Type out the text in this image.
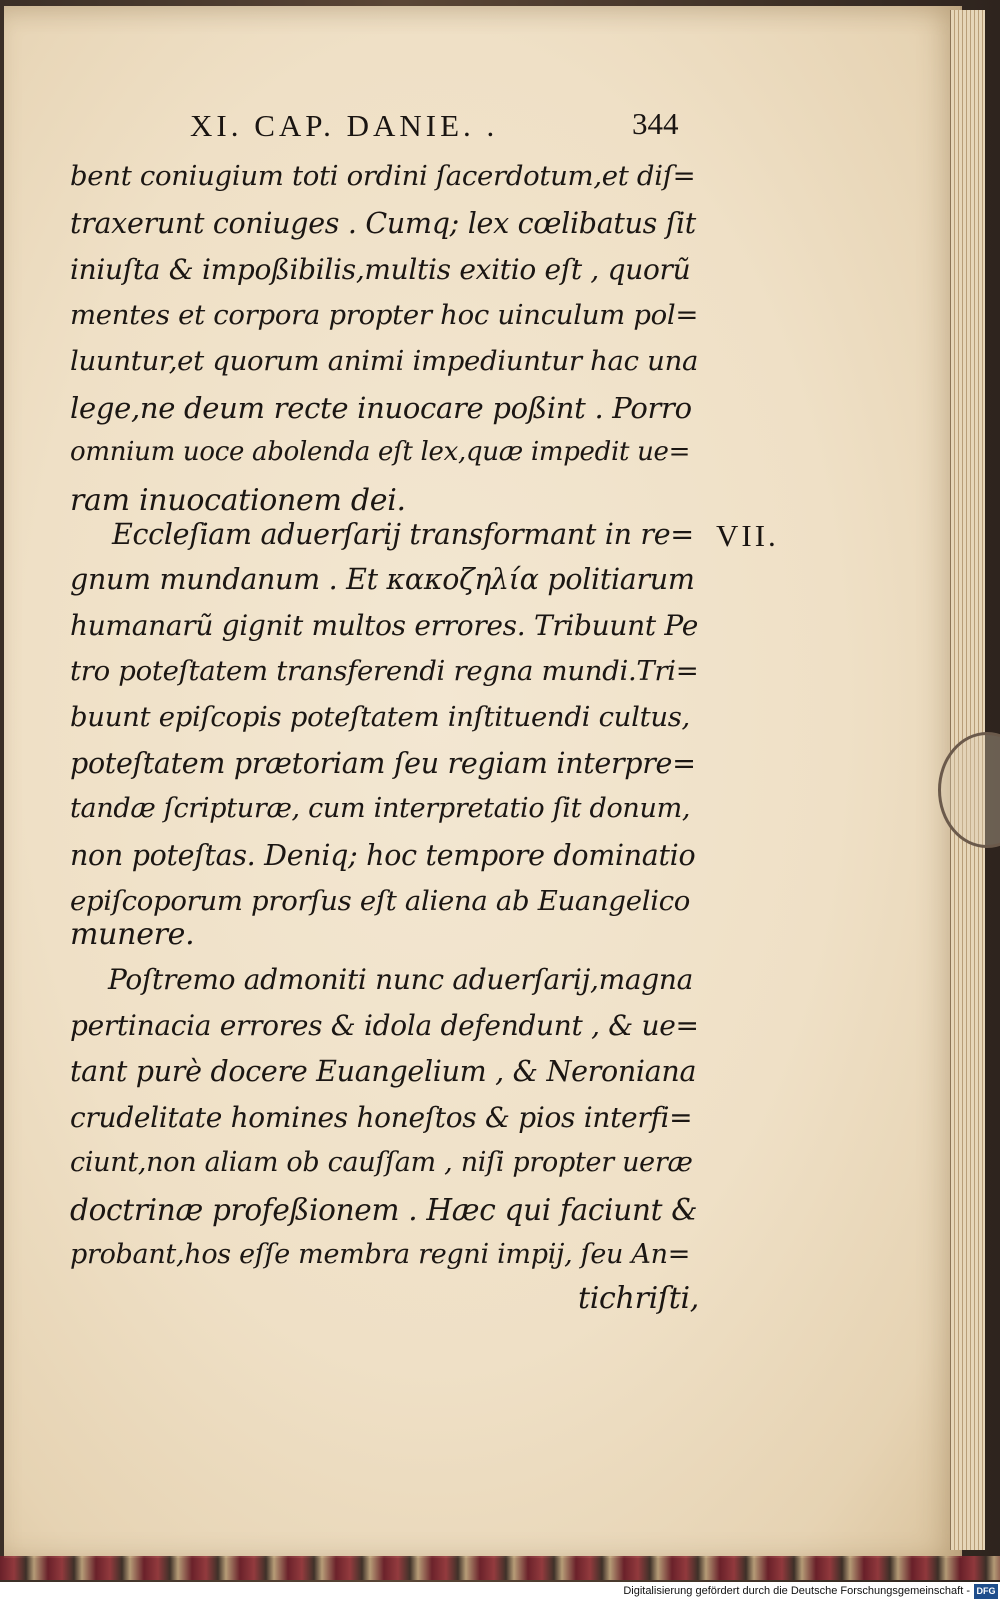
XI. CAP. DANIE. .	344
VII.
bent coniugium toti ordini ſacerdotum,et diſ=
traxerunt coniuges . Cumq; lex cœlibatus ſit
iniuſta & impoßibilis,multis exitio eſt , quorũ
mentes et corpora propter hoc uinculum pol=
luuntur,et quorum animi impediuntur hac una
lege,ne deum recte inuocare poßint . Porro
omnium uoce abolenda eſt lex,quæ impedit ue=
ram inuocationem dei.
Eccleſiam aduerſarij transformant in re=
gnum mundanum . Et κακοζηλία politiarum
humanarũ gignit multos errores. Tribuunt Pe
tro poteſtatem transferendi regna mundi.Tri=
buunt epiſcopis poteſtatem inſtituendi cultus,
poteſtatem prætoriam ſeu regiam interpre=
tandæ ſcripturæ, cum interpretatio ſit donum,
non poteſtas. Deniq; hoc tempore dominatio
epiſcoporum prorſus eſt aliena ab Euangelico
munere.
Poſtremo admoniti nunc aduerſarij,magna
pertinacia errores & idola defendunt , & ue=
tant purè docere Euangelium , & Neroniana
crudelitate homines honeſtos & pios interfi=
ciunt,non aliam ob cauſſam , niſi propter ueræ
doctrinæ profeßionem . Hæc qui faciunt &
probant,hos eſſe membra regni impij, ſeu An=
tichriſti,
Digitalisierung gefördert durch die Deutsche Forschungsgemeinschaft - DFG
